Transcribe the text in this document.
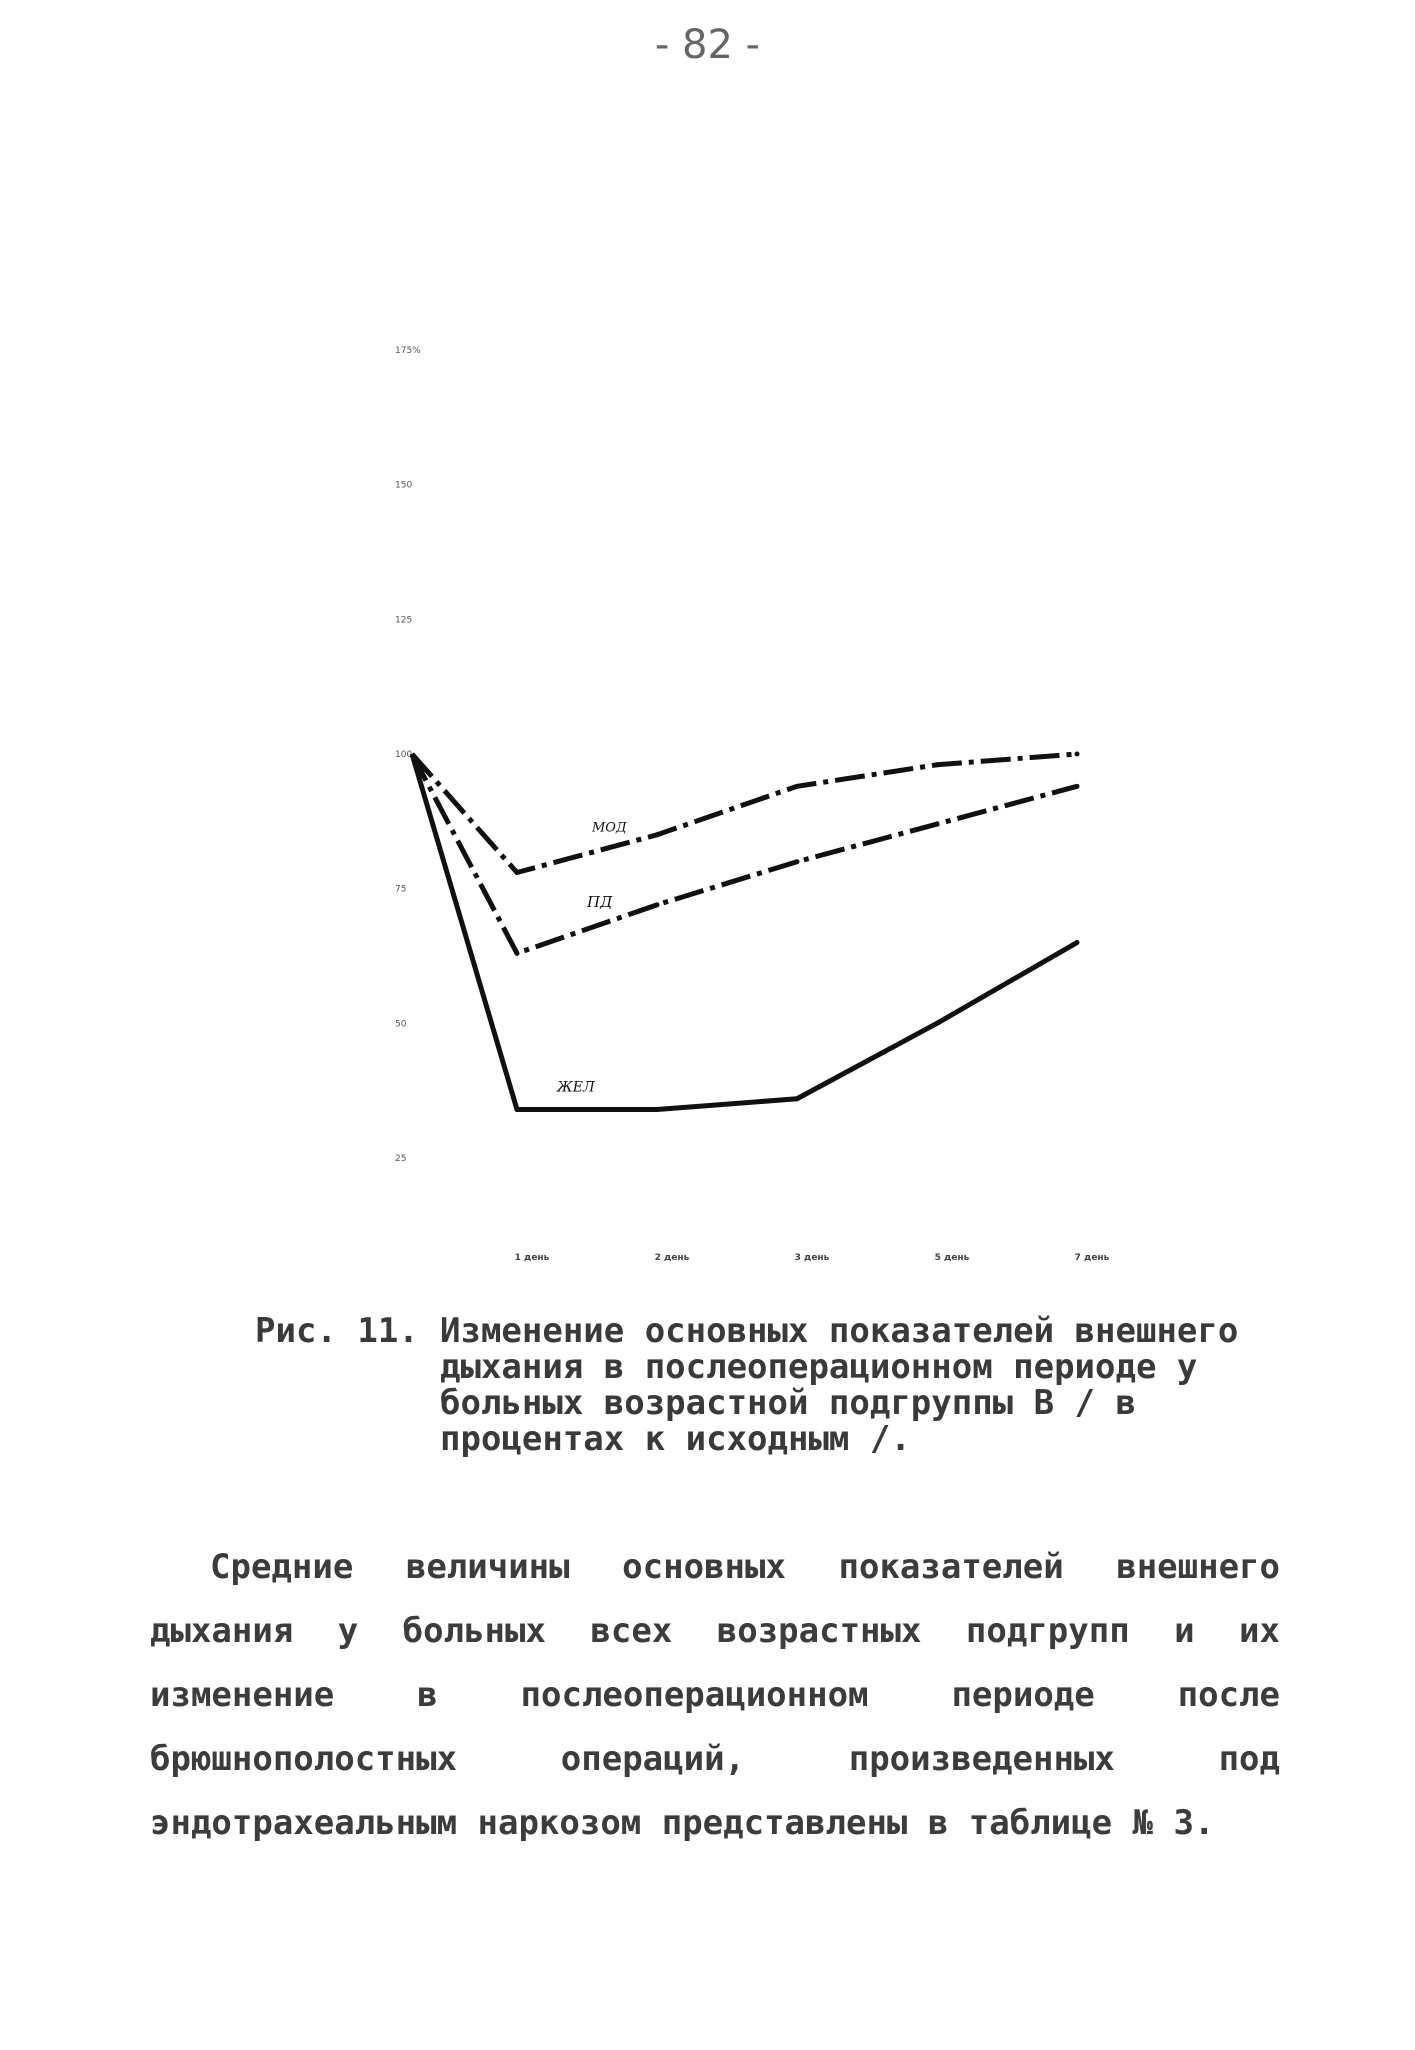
- 82 -
175%
150
125
100
75
50
25
1 день	2 день	3 день	5 день	7 день
МОД
ПД
ЖЕЛ
Рис. 11. Изменение основных показателей внешнего дыхания в послеоперационном периоде у больных возрастной подгруппы В / в процентах к исходным /.
Средние величины основных показателей внешнего дыхания у больных всех возрастных подгрупп и их изменение в послеоперационном периоде после брюшнополостных операций, произведенных под эндотрахеальным наркозом представлены в таблице № 3.
